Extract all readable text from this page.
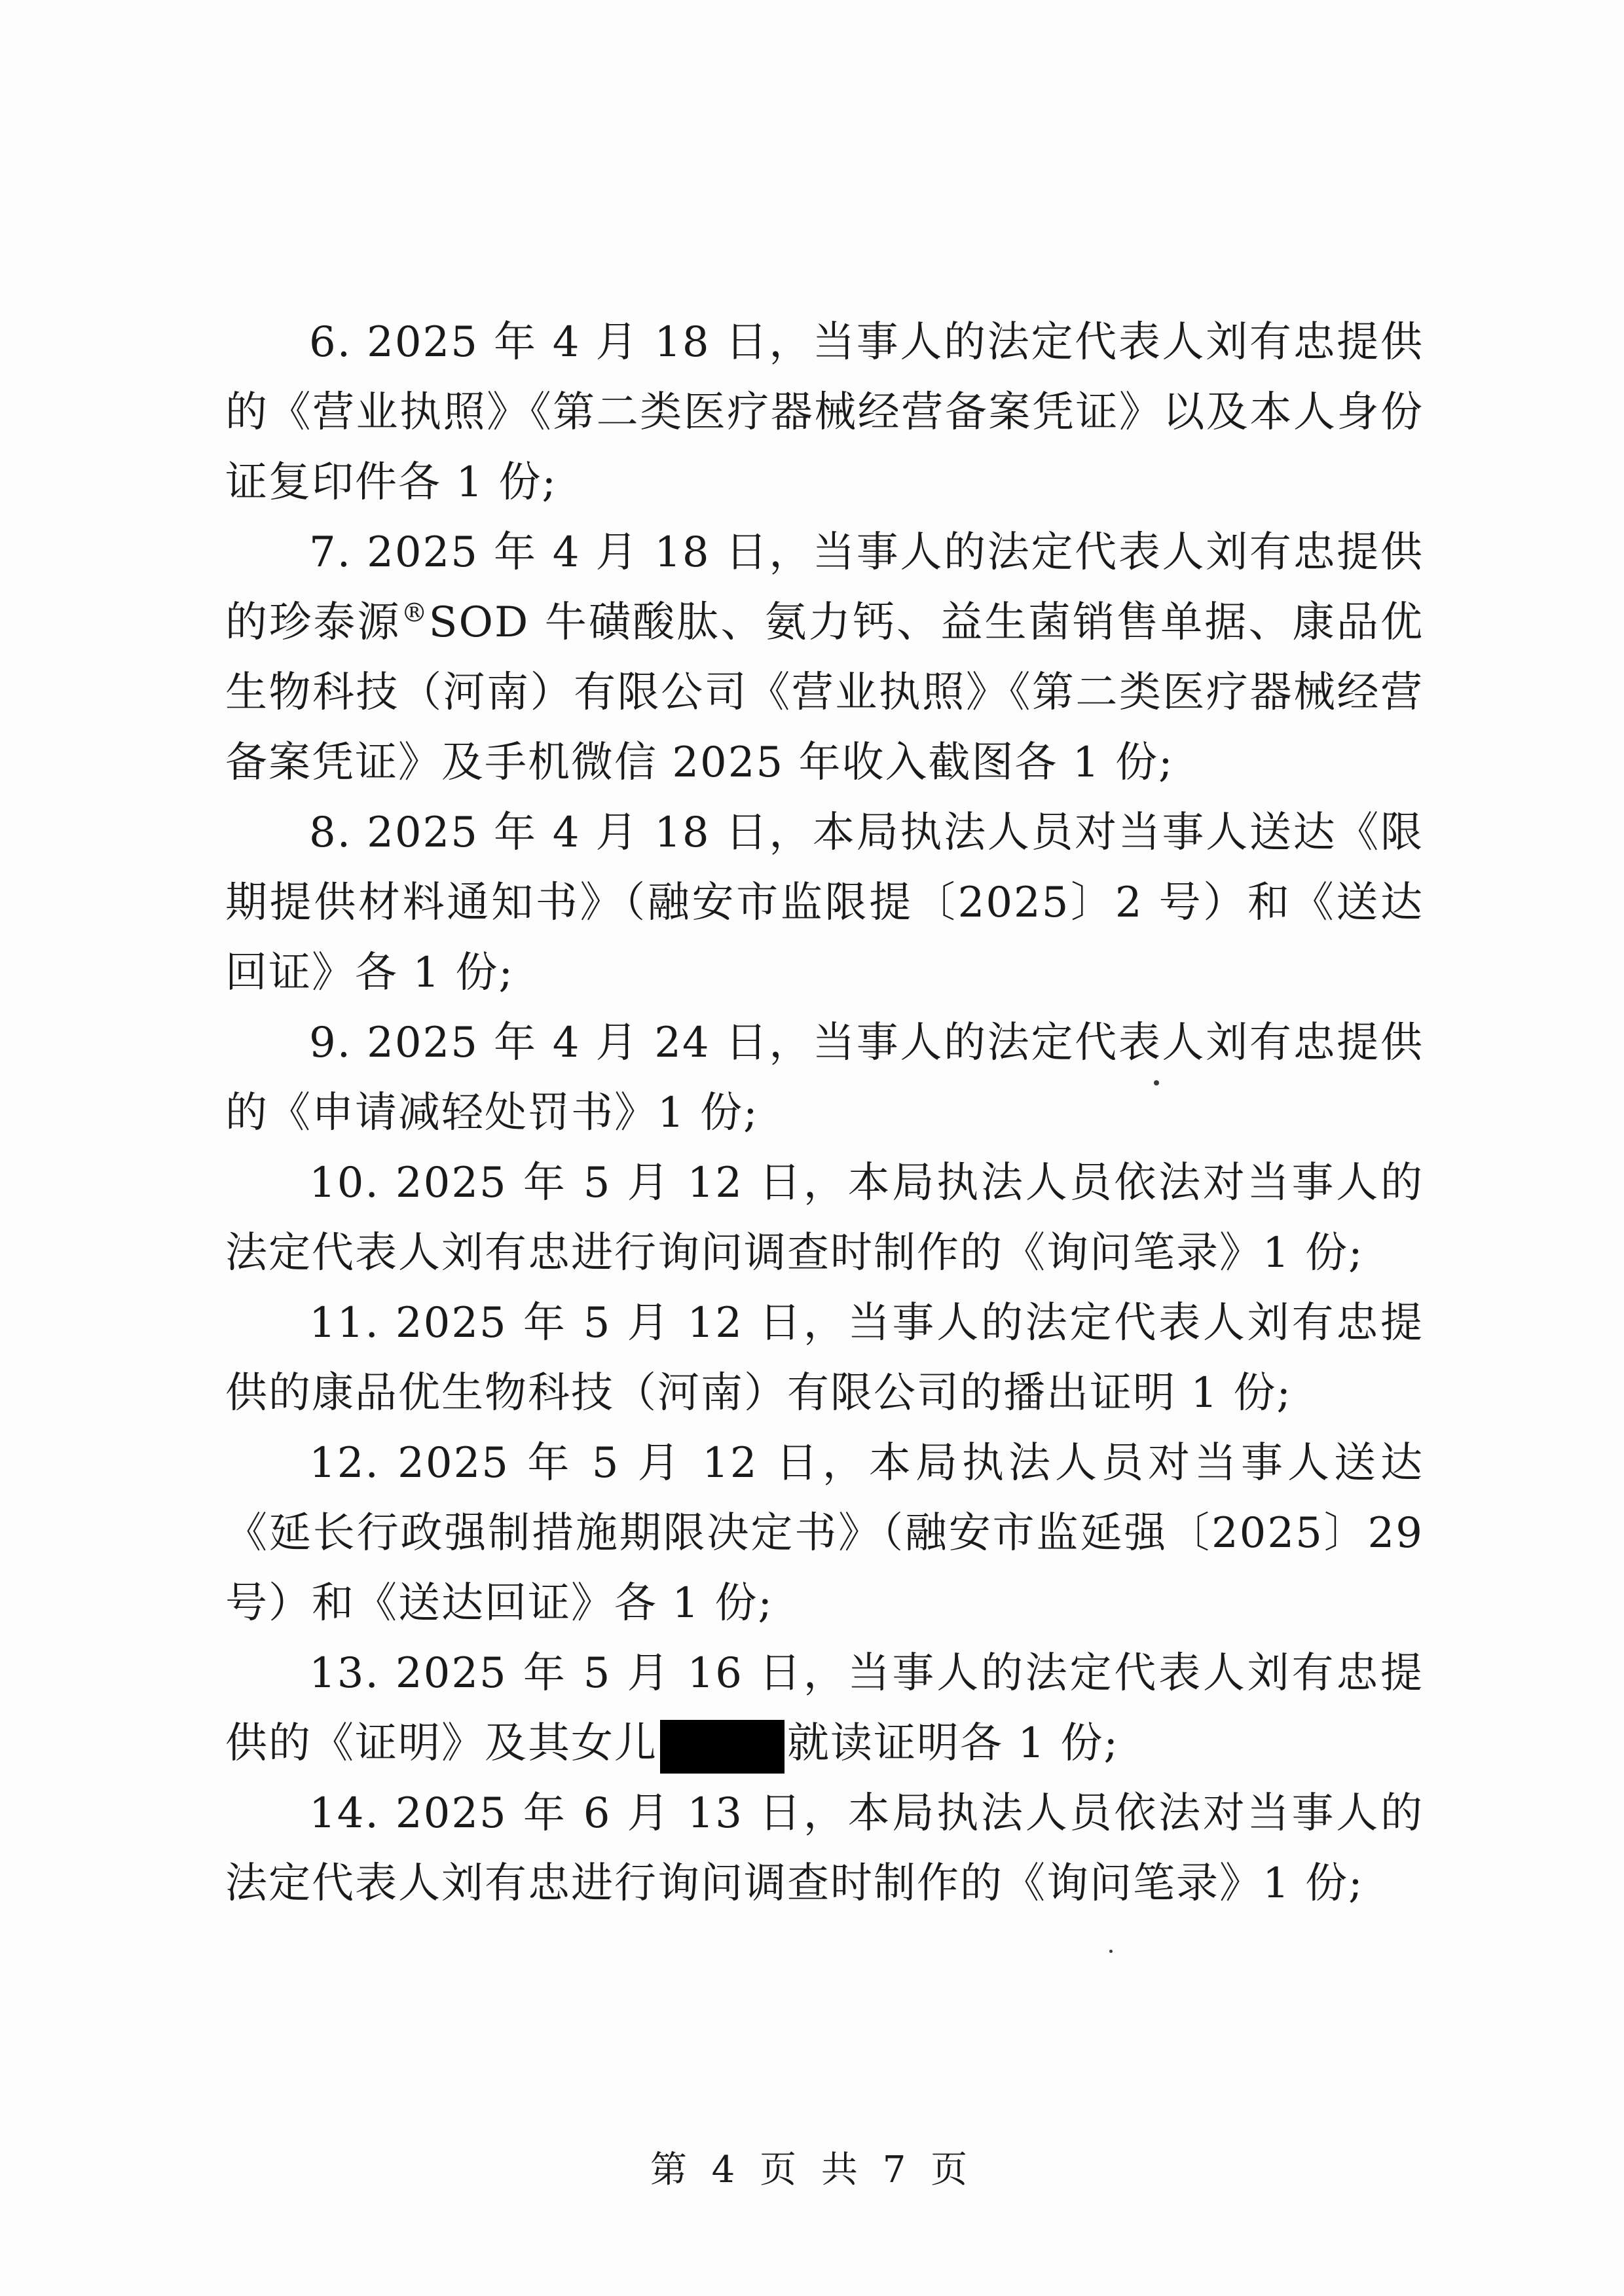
6. 2025 年 4 月 18 日，当事人的法定代表人刘有忠提供的《营业执照》《第二类医疗器械经营备案凭证》以及本人身份证复印件各 1 份;

7. 2025 年 4 月 18 日，当事人的法定代表人刘有忠提供的珍泰源®SOD 牛磺酸肽、氨力钙、益生菌销售单据、康品优生物科技（河南）有限公司《营业执照》《第二类医疗器械经营备案凭证》及手机微信 2025 年收入截图各 1 份;

8. 2025 年 4 月 18 日，本局执法人员对当事人送达《限期提供材料通知书》（融安市监限提〔2025〕2 号）和《送达回证》各 1 份;

9. 2025 年 4 月 24 日，当事人的法定代表人刘有忠提供的《申请减轻处罚书》1 份;

10. 2025 年 5 月 12 日，本局执法人员依法对当事人的法定代表人刘有忠进行询问调查时制作的《询问笔录》1 份;

11. 2025 年 5 月 12 日，当事人的法定代表人刘有忠提供的康品优生物科技（河南）有限公司的播出证明 1 份;

12. 2025 年 5 月 12 日，本局执法人员对当事人送达《延长行政强制措施期限决定书》（融安市监延强〔2025〕29 号）和《送达回证》各 1 份;

13. 2025 年 5 月 16 日，当事人的法定代表人刘有忠提供的《证明》及其女儿	就读证明各 1 份;

14. 2025 年 6 月 13 日，本局执法人员依法对当事人的法定代表人刘有忠进行询问调查时制作的《询问笔录》1 份;

第 4 页 共 7 页
